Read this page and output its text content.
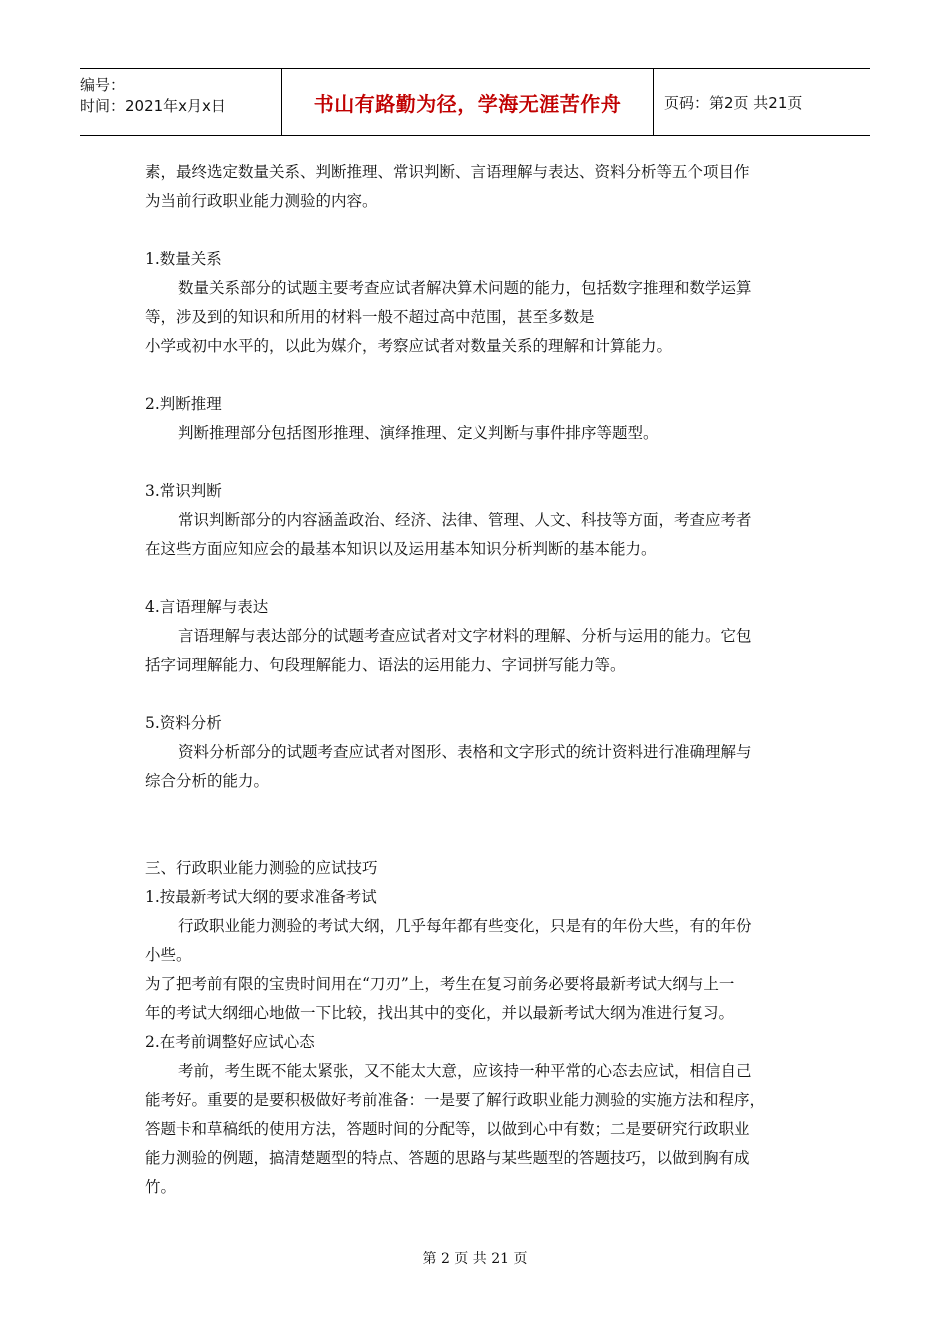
编号：
时间：2021年x月x日	书山有路勤为径，学海无涯苦作舟	页码：第2页 共21页

素，最终选定数量关系、判断推理、常识判断、言语理解与表达、资料分析等五个项目作

为当前行政职业能力测验的内容。

1.数量关系

数量关系部分的试题主要考查应试者解决算术问题的能力，包括数字推理和数学运算

等，涉及到的知识和所用的材料一般不超过高中范围，甚至多数是

小学或初中水平的，以此为媒介，考察应试者对数量关系的理解和计算能力。

2.判断推理

判断推理部分包括图形推理、演绎推理、定义判断与事件排序等题型。

3.常识判断

常识判断部分的内容涵盖政治、经济、法律、管理、人文、科技等方面，考查应考者

在这些方面应知应会的最基本知识以及运用基本知识分析判断的基本能力。

4.言语理解与表达

言语理解与表达部分的试题考查应试者对文字材料的理解、分析与运用的能力。它包

括字词理解能力、句段理解能力、语法的运用能力、字词拼写能力等。

5.资料分析

资料分析部分的试题考查应试者对图形、表格和文字形式的统计资料进行准确理解与

综合分析的能力。

三、行政职业能力测验的应试技巧

1.按最新考试大纲的要求准备考试

行政职业能力测验的考试大纲，几乎每年都有些变化，只是有的年份大些，有的年份

小些。

为了把考前有限的宝贵时间用在“刀刃”上，考生在复习前务必要将最新考试大纲与上一

年的考试大纲细心地做一下比较，找出其中的变化，并以最新考试大纲为准进行复习。

2.在考前调整好应试心态

考前，考生既不能太紧张，又不能太大意，应该持一种平常的心态去应试，相信自己

能考好。重要的是要积极做好考前准备：一是要了解行政职业能力测验的实施方法和程序，

答题卡和草稿纸的使用方法，答题时间的分配等，以做到心中有数；二是要研究行政职业

能力测验的例题，搞清楚题型的特点、答题的思路与某些题型的答题技巧，以做到胸有成

竹。

第 2 页 共 21 页
